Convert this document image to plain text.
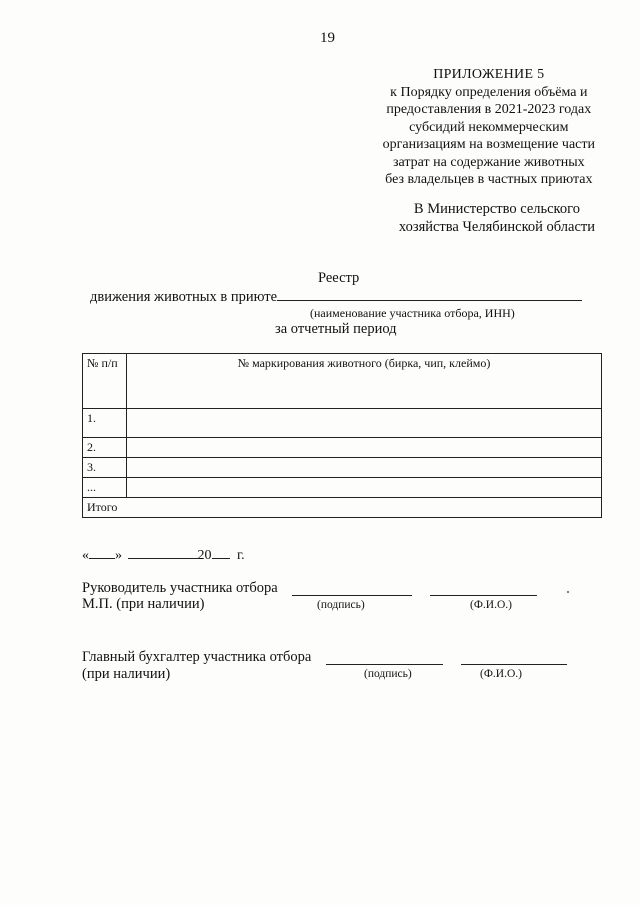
19
ПРИЛОЖЕНИЕ 5
к Порядку определения объёма и
предоставления в 2021-2023 годах
субсидий некоммерческим
организациям на возмещение части
затрат на содержание животных
без владельцев в частных приютах
В Министерство сельского
хозяйства Челябинской области
Реестр
движения животных в приюте
(наименование участника отбора, ИНН)
за отчетный период
№ п/п	№ маркирования животного (бирка, чип, клеймо)
1.	
2.	
3.	
...	
Итого	
« »	20 г.
Руководитель участника отбора
М.П. (при наличии)	(подпись)	(Ф.И.О.)
Главный бухгалтер участника отбора
(при наличии)	(подпись)	(Ф.И.О.)
